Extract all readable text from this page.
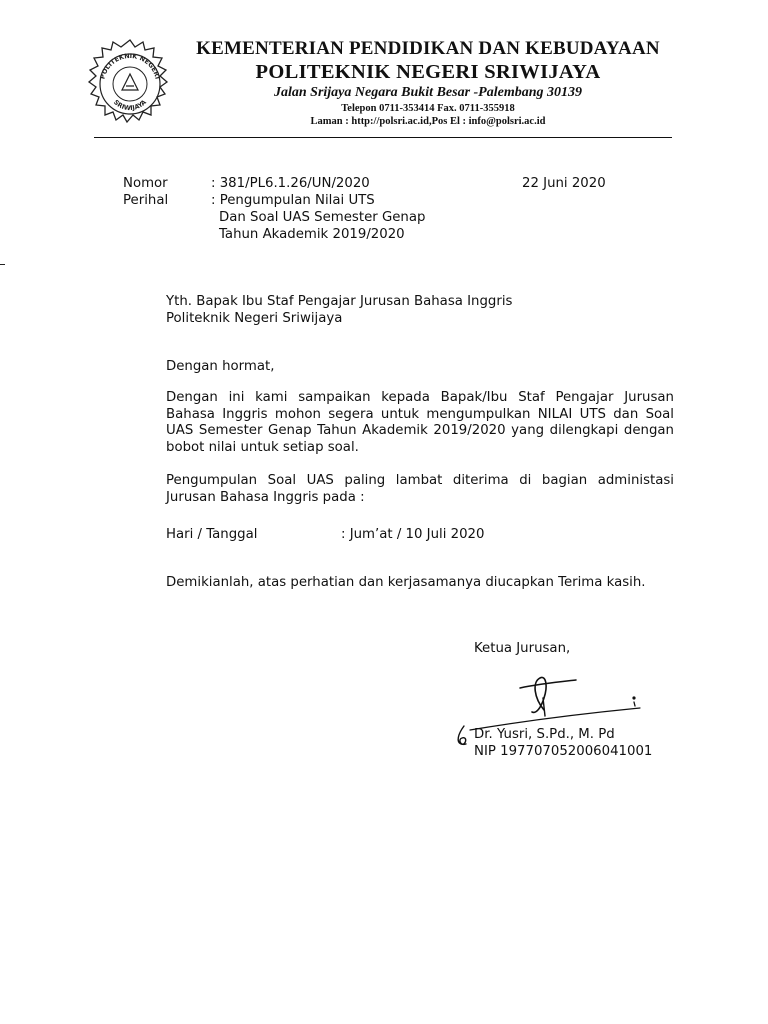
POLITEKNIK NEGERI
SRIWIJAYA
KEMENTERIAN PENDIDIKAN DAN KEBUDAYAAN
POLITEKNIK NEGERI SRIWIJAYA
Jalan Srijaya Negara Bukit Besar -Palembang 30139
Telepon 0711-353414 Fax. 0711-355918
Laman : http://polsri.ac.id,Pos El : info@polsri.ac.id
Nomor	: 381/PL6.1.26/UN/2020	22 Juni 2020
Perihal	: Pengumpulan Nilai UTS
Dan Soal UAS Semester Genap
Tahun Akademik 2019/2020
Yth. Bapak Ibu Staf Pengajar Jurusan Bahasa Inggris
Politeknik Negeri Sriwijaya
Dengan hormat,
Dengan ini kami sampaikan kepada Bapak/Ibu Staf Pengajar Jurusan Bahasa Inggris mohon segera untuk mengumpulkan NILAI UTS dan Soal UAS Semester Genap Tahun Akademik 2019/2020 yang dilengkapi dengan bobot nilai untuk setiap soal.
Pengumpulan Soal UAS paling lambat diterima di bagian administasi Jurusan Bahasa Inggris pada :
Hari / Tanggal	: Jum’at / 10 Juli 2020
Demikianlah, atas perhatian dan kerjasamanya diucapkan Terima kasih.
Ketua Jurusan,
Dr. Yusri, S.Pd., M. Pd
NIP 197707052006041001
